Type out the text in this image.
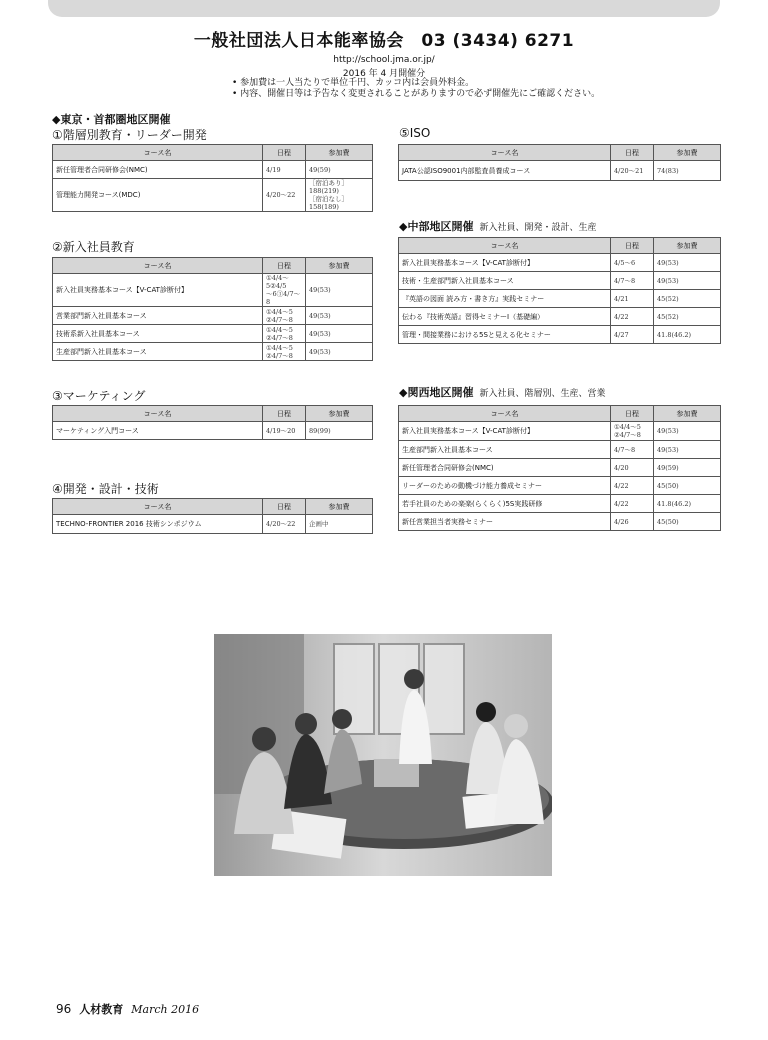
一般社団法人日本能率協会　03 (3434) 6271
http://school.jma.or.jp/
2016 年 4 月開催分
• 参加費は一人当たりで単位千円、カッコ内は会員外料金。
• 内容、開催日等は予告なく変更されることがありますので必ず開催先にご確認ください。
◆東京・首都圏地区開催
①階層別教育・リーダー開発
コース名	日程	参加費
新任管理者合同研修会(NMC)	4/19	49(59)
管理能力開発コース(MDC)	4/20〜22	［宿泊あり］188(219)
［宿泊なし］158(189)
⑤ISO
コース名	日程	参加費
JATA公認ISO9001内部監査員養成コース	4/20〜21	74(83)
◆中部地区開催 新入社員、開発・設計、生産
コース名	日程	参加費
新入社員実務基本コース【V-CAT診断付】	4/5〜6	49(53)
技術・生産部門新入社員基本コース	4/7〜8	49(53)
『英語の図面 読み方・書き方』実践セミナー	4/21	45(52)
伝わる『技術英語』習得セミナーⅠ（基礎編）	4/22	45(52)
管理・間接業務における5Sと見える化セミナー	4/27	41.8(46.2)
②新入社員教育
コース名	日程	参加費
新入社員実務基本コース【V-CAT診断付】	①4/4〜5②4/5
〜6③4/7〜8	49(53)
営業部門新入社員基本コース	①4/4〜5
②4/7〜8	49(53)
技術系新入社員基本コース	①4/4〜5
②4/7〜8	49(53)
生産部門新入社員基本コース	①4/4〜5
②4/7〜8	49(53)
③マーケティング
コース名	日程	参加費
マーケティング入門コース	4/19〜20	89(99)
◆関西地区開催 新入社員、階層別、生産、営業
コース名	日程	参加費
新入社員実務基本コース【V-CAT診断付】	①4/4〜5
②4/7〜8	49(53)
生産部門新入社員基本コース	4/7〜8	49(53)
新任管理者合同研修会(NMC)	4/20	49(59)
リーダーのための動機づけ能力養成セミナー	4/22	45(50)
若手社員のための楽楽(らくらく)5S実践研修	4/22	41.8(46.2)
新任営業担当者実務セミナー	4/26	45(50)
④開発・設計・技術
コース名	日程	参加費
TECHNO-FRONTIER 2016 技術シンポジウム	4/20〜22	企画中
96 人材教育 March 2016
